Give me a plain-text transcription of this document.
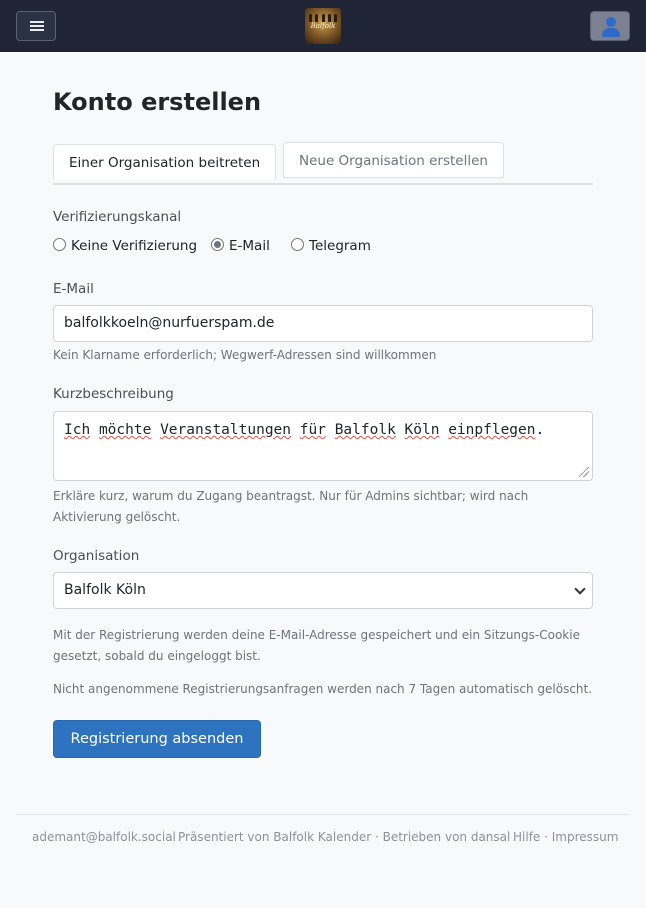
Balfolk
Konto erstellen
Einer Organisation beitreten	Neue Organisation erstellen
Verifizierungskanal
Keine Verifizierung E-Mail	Telegram
E-Mail
balfolkkoeln@nurfuerspam.de
Kein Klarname erforderlich; Wegwerf-Adressen sind willkommen
Kurzbeschreibung
Ich möchte Veranstaltungen für Balfolk Köln einpflegen.
Erkläre kurz, warum du Zugang beantragst. Nur für Admins sichtbar; wird nach Aktivierung gelöscht.
Organisation
Balfolk Köln
Mit der Registrierung werden deine E-Mail-Adresse gespeichert und ein Sitzungs-Cookie gesetzt, sobald du eingeloggt bist.
Nicht angenommene Registrierungsanfragen werden nach 7 Tagen automatisch gelöscht.
Registrierung absenden
ademant@balfolk.social Präsentiert von Balfolk Kalender · Betrieben von dansal Hilfe · Impressum
